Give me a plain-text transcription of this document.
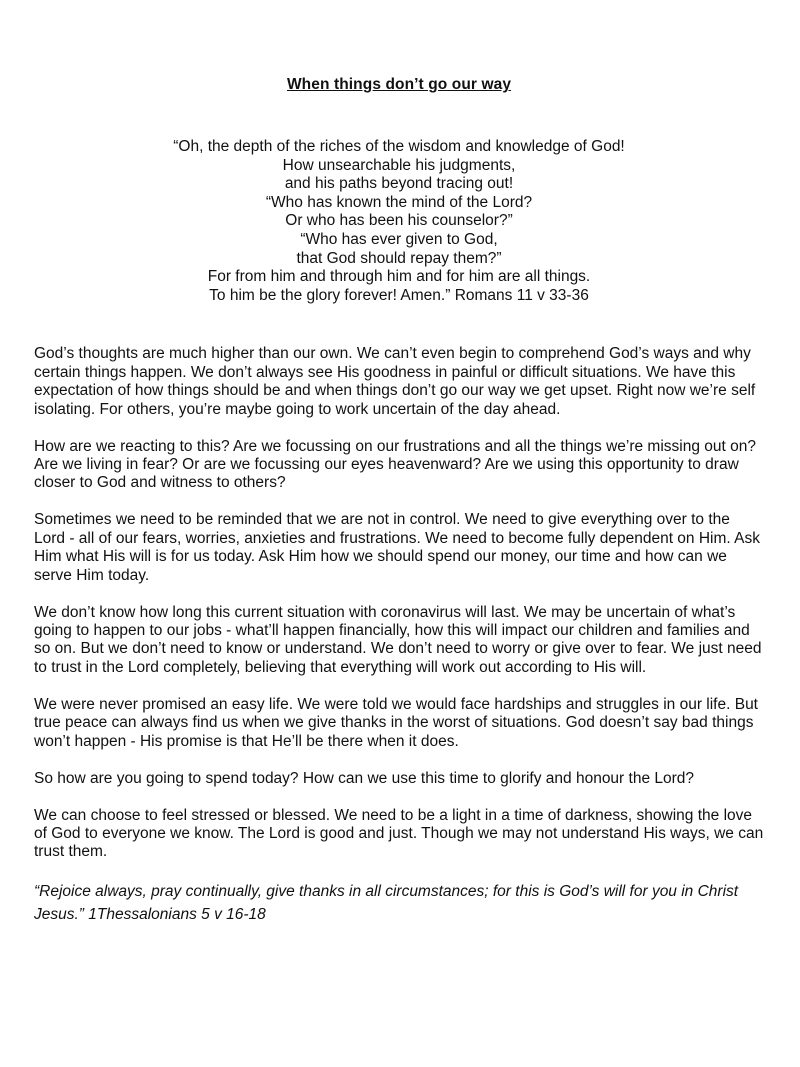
When things don’t go our way
“Oh, the depth of the riches of the wisdom and knowledge of God!
How unsearchable his judgments,
and his paths beyond tracing out!
“Who has known the mind of the Lord?
Or who has been his counselor?”
“Who has ever given to God,
that God should repay them?”
For from him and through him and for him are all things.
To him be the glory forever! Amen.” Romans 11 v 33-36

God’s thoughts are much higher than our own. We can’t even begin to comprehend God’s ways and why certain things happen. We don’t always see His goodness in painful or difficult situations. We have this expectation of how things should be and when things don’t go our way we get upset. Right now we’re self isolating. For others, you’re maybe going to work uncertain of the day ahead.

How are we reacting to this? Are we focussing on our frustrations and all the things we’re missing out on? Are we living in fear? Or are we focussing our eyes heavenward? Are we using this opportunity to draw closer to God and witness to others?

Sometimes we need to be reminded that we are not in control. We need to give everything over to the Lord - all of our fears, worries, anxieties and frustrations. We need to become fully dependent on Him. Ask Him what His will is for us today. Ask Him how we should spend our money, our time and how can we serve Him today.

We don’t know how long this current situation with coronavirus will last. We may be uncertain of what’s going to happen to our jobs - what’ll happen financially, how this will impact our children and families and so on. But we don’t need to know or understand. We don’t need to worry or give over to fear. We just need to trust in the Lord completely, believing that everything will work out according to His will.

We were never promised an easy life. We were told we would face hardships and struggles in our life. But true peace can always find us when we give thanks in the worst of situations. God doesn’t say bad things won’t happen - His promise is that He’ll be there when it does.

So how are you going to spend today? How can we use this time to glorify and honour the Lord?

We can choose to feel stressed or blessed. We need to be a light in a time of darkness, showing the love of God to everyone we know. The Lord is good and just. Though we may not understand His ways, we can trust them.

“Rejoice always, pray continually, give thanks in all circumstances; for this is God’s will for you in Christ Jesus.” 1Thessalonians 5 v 16-18
